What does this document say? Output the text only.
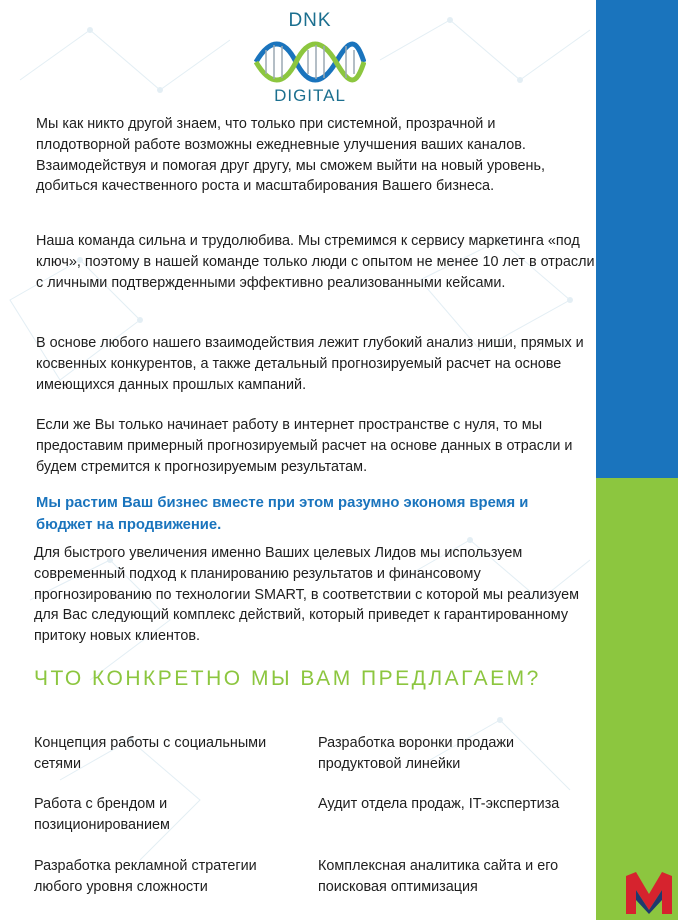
DNK
DIGITAL

Мы как никто другой знаем, что только при системной, прозрачной и плодотворной работе возможны ежедневные улучшения ваших каналов. Взаимодействуя и помогая друг другу, мы сможем выйти на новый уровень, добиться качественного роста и масштабирования Вашего бизнеса.

Наша команда сильна и трудолюбива. Мы стремимся к сервису маркетинга «под ключ», поэтому в нашей команде только люди с опытом не менее 10 лет в отрасли с личными подтвержденными эффективно реализованными кейсами.

В основе любого нашего взаимодействия лежит глубокий анализ ниши, прямых и косвенных конкурентов, а также детальный прогнозируемый расчет на основе имеющихся данных прошлых кампаний.

Если же Вы только начинает работу в интернет пространстве с нуля, то мы предоставим примерный прогнозируемый расчет на основе данных в отрасли и будем стремится к прогнозируемым результатам.

Мы растим Ваш бизнес вместе при этом разумно экономя время и бюджет на продвижение.

Для быстрого увеличения именно Ваших целевых Лидов мы используем современный подход к планированию результатов и финансовому прогнозированию по технологии SMART, в соответствии с которой мы реализуем для Вас следующий комплекс действий, который приведет к гарантированному притоку новых клиентов.

ЧТО КОНКРЕТНО МЫ ВАМ ПРЕДЛАГАЕМ?
Концепция работы с социальными сетями
Разработка воронки продажи продуктовой линейки
Работа с брендом и позиционированием
Аудит отдела продаж, IT-экспертиза
Разработка рекламной стратегии любого уровня сложности
Комплексная аналитика сайта и его поисковая оптимизация
